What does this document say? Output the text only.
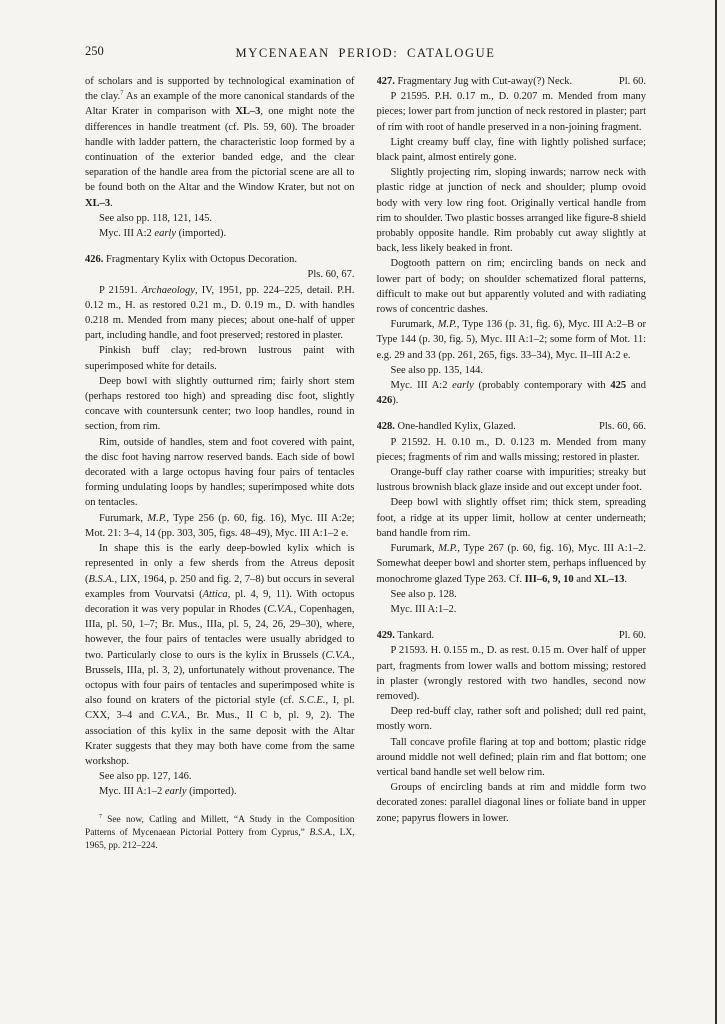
250	MYCENAEAN PERIOD: CATALOGUE

of scholars and is supported by technological examination of the clay.$^7$ As an example of the more canonical standards of the Altar Krater in comparison with XL–3, one might note the differences in handle treatment (cf. Pls. 59, 60). The broader handle with ladder pattern, the characteristic loop formed by a continuation of the exterior banded edge, and the clear separation of the handle area from the pictorial scene are all to be found both on the Altar and the Window Krater, but not on XL–3.

See also pp. 118, 121, 145.

Myc. III A:2 early (imported).

426. Fragmentary Kylix with Octopus Decoration.
Pls. 60, 67.

P 21591. Archaeology, IV, 1951, pp. 224–225, detail. P.H. 0.12 m., H. as restored 0.21 m., D. 0.19 m., D. with handles 0.218 m. Mended from many pieces; about one-half of upper part, including handle, and foot preserved; restored in plaster.

Pinkish buff clay; red-brown lustrous paint with superimposed white for details.

Deep bowl with slightly outturned rim; fairly short stem (perhaps restored too high) and spreading disc foot, slightly concave with countersunk center; two loop handles, round in section, from rim.

Rim, outside of handles, stem and foot covered with paint, the disc foot having narrow reserved bands. Each side of bowl decorated with a large octopus having four pairs of tentacles forming undulating loops by handles; superimposed white dots on tentacles.

Furumark, M.P., Type 256 (p. 60, fig. 16), Myc. III A:2e; Mot. 21: 3–4, 14 (pp. 303, 305, figs. 48–49), Myc. III A:1–2 e.

In shape this is the early deep-bowled kylix which is represented in only a few sherds from the Atreus deposit (B.S.A., LIX, 1964, p. 250 and fig. 2, 7–8) but occurs in several examples from Vourvatsi (Attica, pl. 4, 9, 11). With octopus decoration it was very popular in Rhodes (C.V.A., Copenhagen, IIIa, pl. 50, 1–7; Br. Mus., IIIa, pl. 5, 24, 26, 29–30), where, however, the four pairs of tentacles were usually abridged to two. Particularly close to ours is the kylix in Brussels (C.V.A., Brussels, IIIa, pl. 3, 2), unfortunately without provenance. The octopus with four pairs of tentacles and superimposed white is also found on kraters of the pictorial style (cf. S.C.E., I, pl. CXX, 3–4 and C.V.A., Br. Mus., II C b, pl. 9, 2). The association of this kylix in the same deposit with the Altar Krater suggests that they may both have come from the same workshop.

See also pp. 127, 146.

Myc. III A:1–2 early (imported).

$^7$ See now, Catling and Millett, “A Study in the Composition Patterns of Mycenaean Pictorial Pottery from Cyprus,” B.S.A., LX, 1965, pp. 212–224.
427. Fragmentary Jug with Cut-away(?) Neck.	Pl. 60.

P 21595. P.H. 0.17 m., D. 0.207 m. Mended from many pieces; lower part from junction of neck restored in plaster; part of rim with root of handle preserved in a non-joining fragment.

Light creamy buff clay, fine with lightly polished surface; black paint, almost entirely gone.

Slightly projecting rim, sloping inwards; narrow neck with plastic ridge at junction of neck and shoulder; plump ovoid body with very low ring foot. Originally vertical handle from rim to shoulder. Two plastic bosses arranged like figure-8 shield probably opposite handle. Rim probably cut away slightly at back, less likely beaked in front.

Dogtooth pattern on rim; encircling bands on neck and lower part of body; on shoulder schematized floral patterns, difficult to make out but apparently voluted and with radiating rows of concentric dashes.

Furumark, M.P., Type 136 (p. 31, fig. 6), Myc. III A:2–B or Type 144 (p. 30, fig. 5), Myc. III A:1–2; some form of Mot. 11: e.g. 29 and 33 (pp. 261, 265, figs. 33–34), Myc. II–III A:2 e.

See also pp. 135, 144.

Myc. III A:2 early (probably contemporary with 425 and 426).

428. One-handled Kylix, Glazed.	Pls. 60, 66.

P 21592. H. 0.10 m., D. 0.123 m. Mended from many pieces; fragments of rim and walls missing; restored in plaster.

Orange-buff clay rather coarse with impurities; streaky but lustrous brownish black glaze inside and out except under foot.

Deep bowl with slightly offset rim; thick stem, spreading foot, a ridge at its upper limit, hollow at center underneath; band handle from rim.

Furumark, M.P., Type 267 (p. 60, fig. 16), Myc. III A:1–2. Somewhat deeper bowl and shorter stem, perhaps influenced by monochrome glazed Type 263. Cf. III–6, 9, 10 and XL–13.

See also p. 128.

Myc. III A:1–2.

429. Tankard.	Pl. 60.

P 21593. H. 0.155 m., D. as rest. 0.15 m. Over half of upper part, fragments from lower walls and bottom missing; restored in plaster (wrongly restored with two handles, second now removed).

Deep red-buff clay, rather soft and polished; dull red paint, mostly worn.

Tall concave profile flaring at top and bottom; plastic ridge around middle not well defined; plain rim and flat bottom; one vertical band handle set well below rim.

Groups of encircling bands at rim and middle form two decorated zones: parallel diagonal lines or foliate band in upper zone; papyrus flowers in lower.
